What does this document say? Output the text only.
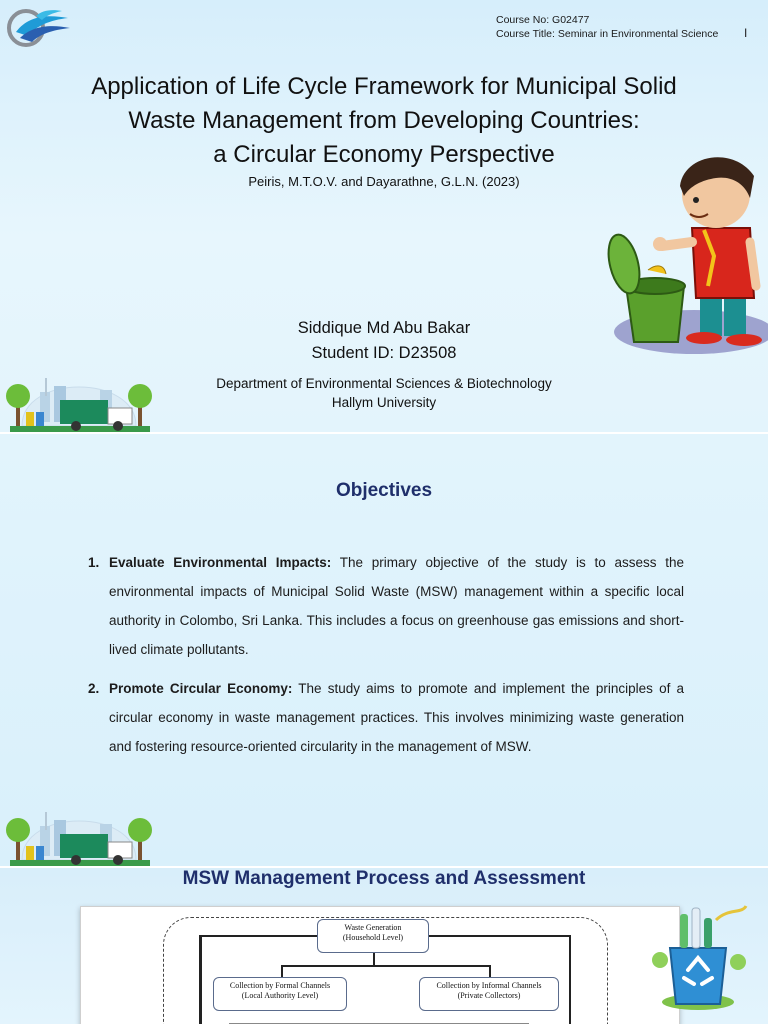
Course No: G02477
Course Title: Seminar in Environmental Science I
Application of Life Cycle Framework for Municipal Solid
Waste Management from Developing Countries:
a Circular Economy Perspective
Peiris, M.T.O.V. and Dayarathne, G.L.N. (2023)
Siddique Md Abu Bakar
Student ID: D23508
Department of Environmental Sciences & Biotechnology
Hallym University
Objectives
1. Evaluate Environmental Impacts: The primary objective of the study is to assess the environmental impacts of Municipal Solid Waste (MSW) management within a specific local authority in Colombo, Sri Lanka. This includes a focus on greenhouse gas emissions and short-lived climate pollutants.
2. Promote Circular Economy: The study aims to promote and implement the principles of a circular economy in waste management practices. This involves minimizing waste generation and fostering resource-oriented circularity in the management of MSW.
MSW Management Process and Assessment
Waste Generation
(Household Level)
Collection by Formal Channels
(Local Authority Level)
Collection by Informal Channels
(Private Collectors)
